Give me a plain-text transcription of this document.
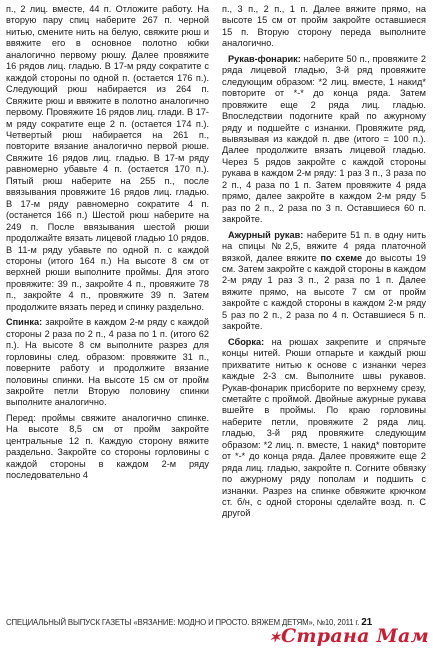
п., 2 лиц. вместе, 44 п. Отложите работу. На вторую пару спиц наберите 267 п. черной нитью, смените нить на белую, свяжите рюш и ввяжите его в основное полотно юбки аналогично первому рюшу. Далее провяжите 16 рядов лиц. гладью. В 17-м ряду сократите с каждой стороны по одной п. (остается 176 п.). Следующий рюш набирается из 264 п. Свяжите рюш и ввяжите в полотно аналогично первому. Провяжите 16 рядов лиц. глади. В 17-м ряду сократите еще 2 п. (остается 174 п.). Четвертый рюш набирается на 261 п., повторите вязание аналогично первой рюше. Свяжите 16 рядов лиц. гладью. В 17-м ряду равномерно убавьте 4 п. (остается 170 п.). Пятый рюш наберите на 255 п., после ввязывания провяжите 16 рядов лиц. гладью. В 17-м ряду равномерно сократите 4 п. (останется 166 п.) Шестой рюш наберите на 249 п. После ввязывания шестой рюши продолжайте вязать лицевой гладью 10 рядов. В 11-м ряду убавьте по одной п. с каждой стороны (итого 164 п.) На высоте 8 см от верхней рюши выполните проймы. Для этого провяжите: 39 п., закройте 4 п., провяжите 78 п., закройте 4 п., провяжите 39 п. Затем продолжите вязать перед и спинку раздельно.

Спинка: закройте в каждом 2-м ряду с каждой стороны 2 раза по 2 п., 4 раза по 1 п. (итого 62 п.). На высоте 8 см выполните разрез для горловины след. образом: провяжите 31 п., поверните работу и продолжите вязание половины спинки. На высоте 15 см от пройм закройте петли Вторую половину спинки выполните аналогично.

Перед: проймы свяжите аналогично спинке. На высоте 8,5 см от пройм закройте центральные 12 п. Каждую сторону вяжите раздельно. Закройте со стороны горловины с каждой стороны в каждом 2-м ряду последовательно 4

п., 3 п., 2 п., 1 п. Далее вяжите прямо, на высоте 15 см от пройм закройте оставшиеся 15 п. Вторую сторону переда выполните аналогично.

Рукав-фонарик: наберите 50 п., провяжите 2 ряда лицевой гладью, 3-й ряд провяжите следующим образом: *2 лиц. вместе, 1 накид* повторите от *-* до конца ряда. Затем провяжите еще 2 ряда лиц. гладью. Впоследствии подогните край по ажурному ряду и подшейте с изнанки. Провяжите ряд, вывязывая из каждой п. две (итого = 100 п.). Далее продолжите вязать лицевой гладью. Через 5 рядов закройте с каждой стороны рукава в каждом 2-м ряду: 1 раз 3 п., 3 раза по 2 п., 4 раза по 1 п. Затем провяжите 4 ряда прямо, далее закройте в каждом 2-м ряду 5 раз по 2 п., 2 раза по 3 п. Оставшиеся 60 п. закройте.

Ажурный рукав: наберите 51 п. в одну нить на спицы №2,5, вяжите 4 ряда платочной вязкой, далее вяжите по схеме до высоты 19 см. Затем закройте с каждой стороны в каждом 2-м ряду 1 раз 3 п., 2 раза по 1 п. Далее вяжите прямо, на высоте 7 см от пройм закройте с каждой стороны в каждом 2-м ряду 5 раз по 2 п., 2 раза по 4 п. Оставшиеся 5 п. закройте.

Сборка: на рюшах закрепите и спрячьте концы нитей. Рюши отпарьте и каждый рюш прихватите нитью к основе с изнанки через каждые 2-3 см. Выполните швы рукавов. Рукав-фонарик присборите по верхнему срезу, сметайте с проймой. Двойные ажурные рукава вшейте в проймы. По краю горловины наберите петли, провяжите 2 ряда лиц. гладью, 3-й ряд провяжите следующим образом: *2 лиц. п. вместе, 1 накид* повторите от *-* до конца ряда. Далее провяжите еще 2 ряда лиц. гладью, закройте п. Согните обвязку по ажурному ряду пополам и подшить с изнанки. Разрез на спинке обвяжите крючком ст. б/н, с одной стороны сделайте возд. п. С другой

СПЕЦИАЛЬНЫЙ ВЫПУСК ГАЗЕТЫ «ВЯЗАНИЕ: МОДНО И ПРОСТО. ВЯЖЕМ ДЕТЯМ», №10, 2011 г. 21
✶Страна Мам
